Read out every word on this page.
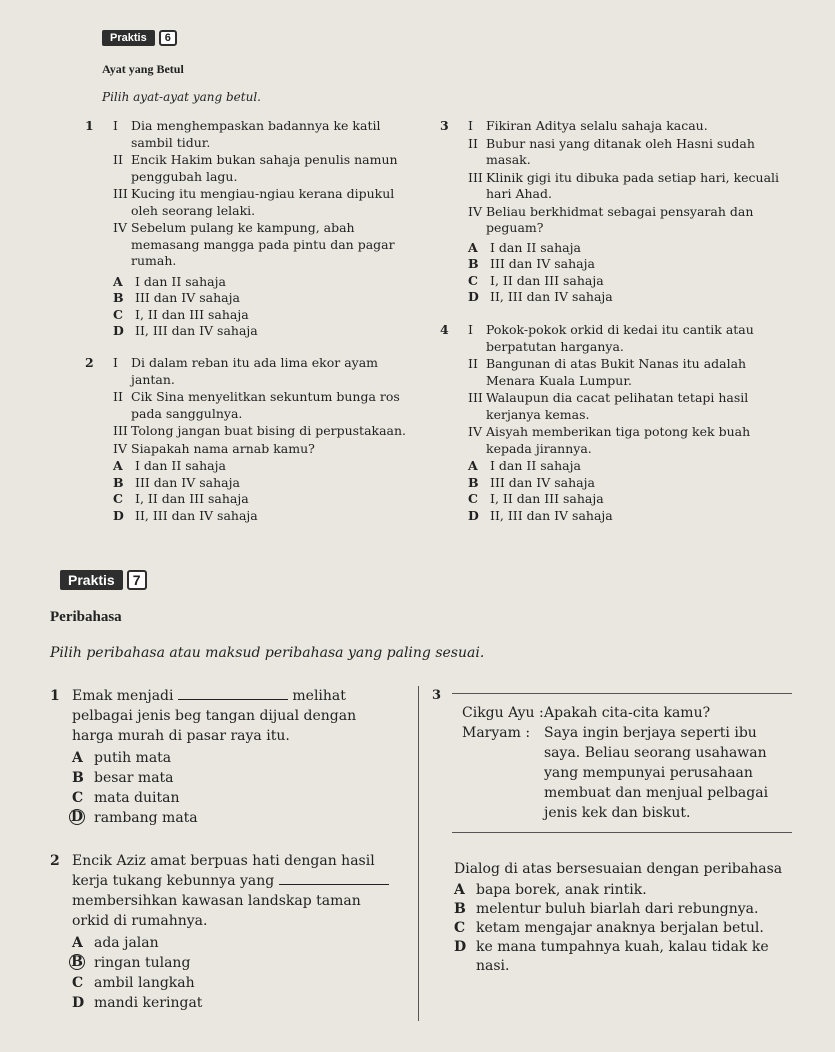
Praktis	6
Ayat yang Betul
Pilih ayat-ayat yang betul.
1 I Dia menghempaskan badannya ke katil sambil tidur.
II Encik Hakim bukan sahaja penulis namun penggubah lagu.
III Kucing itu mengiau-ngiau kerana dipukul oleh seorang lelaki.
IV Sebelum pulang ke kampung, abah memasang mangga pada pintu dan pagar rumah.
A I dan II sahaja
B III dan IV sahaja
C I, II dan III sahaja
D II, III dan IV sahaja
2 I Di dalam reban itu ada lima ekor ayam jantan.
II Cik Sina menyelitkan sekuntum bunga ros pada sanggulnya.
III Tolong jangan buat bising di perpustakaan.
IV Siapakah nama arnab kamu?
A I dan II sahaja
B III dan IV sahaja
C I, II dan III sahaja
D II, III dan IV sahaja
3 I Fikiran Aditya selalu sahaja kacau.
II Bubur nasi yang ditanak oleh Hasni sudah masak.
III Klinik gigi itu dibuka pada setiap hari, kecuali hari Ahad.
IV Beliau berkhidmat sebagai pensyarah dan peguam?
A I dan II sahaja
B III dan IV sahaja
C I, II dan III sahaja
D II, III dan IV sahaja
4 I Pokok-pokok orkid di kedai itu cantik atau berpatutan harganya.
II Bangunan di atas Bukit Nanas itu adalah Menara Kuala Lumpur.
III Walaupun dia cacat pelihatan tetapi hasil kerjanya kemas.
IV Aisyah memberikan tiga potong kek buah kepada jirannya.
A I dan II sahaja
B III dan IV sahaja
C I, II dan III sahaja
D II, III dan IV sahaja
Praktis	7
Peribahasa
Pilih peribahasa atau maksud peribahasa yang paling sesuai.
1 Emak menjadi	melihat pelbagai jenis beg tangan dijual dengan harga murah di pasar raya itu.
A putih mata
B besar mata
C mata duitan
D rambang mata
2 Encik Aziz amat berpuas hati dengan hasil kerja tukang kebunnya yang  membersihkan kawasan landskap taman orkid di rumahnya.
A ada jalan
B ringan tulang
C ambil langkah
D mandi keringat
3
Cikgu Ayu : Apakah cita-cita kamu?
Maryam : Saya ingin berjaya seperti ibu saya. Beliau seorang usahawan yang mempunyai perusahaan membuat dan menjual pelbagai jenis kek dan biskut.
Dialog di atas bersesuaian dengan peribahasa
A bapa borek, anak rintik.
B melentur buluh biarlah dari rebungnya.
C ketam mengajar anaknya berjalan betul.
D ke mana tumpahnya kuah, kalau tidak ke nasi.
